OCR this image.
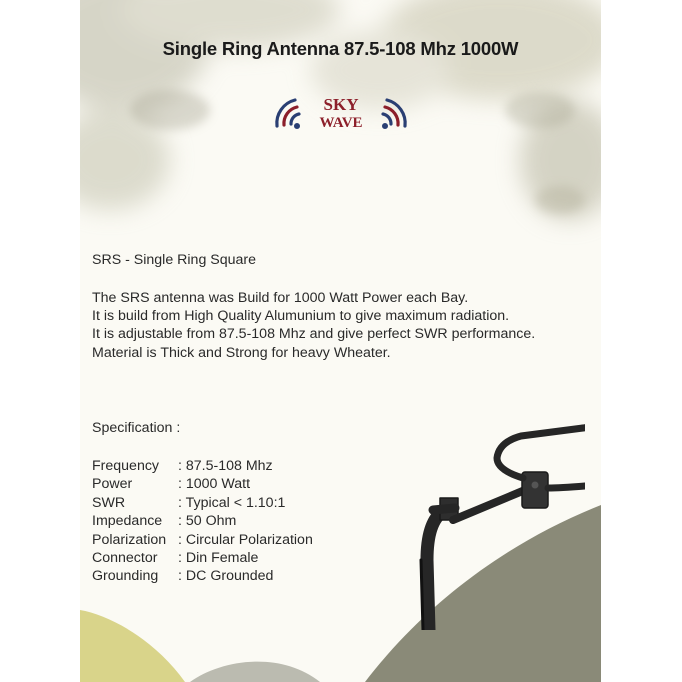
Single Ring Antenna 87.5-108 Mhz 1000W
SKY
WAVE
SRS - Single Ring Square
The SRS antenna was Build for 1000 Watt Power each Bay.
It is build from High Quality Alumunium to give maximum radiation.
It is adjustable from 87.5-108 Mhz and give perfect SWR performance.
Material is Thick and Strong for heavy Wheater.
Specification :
Frequency	: 87.5-108 Mhz
Power	: 1000 Watt
SWR	: Typical < 1.10:1
Impedance	: 50 Ohm
Polarization	: Circular Polarization
Connector	: Din Female
Grounding	: DC Grounded
